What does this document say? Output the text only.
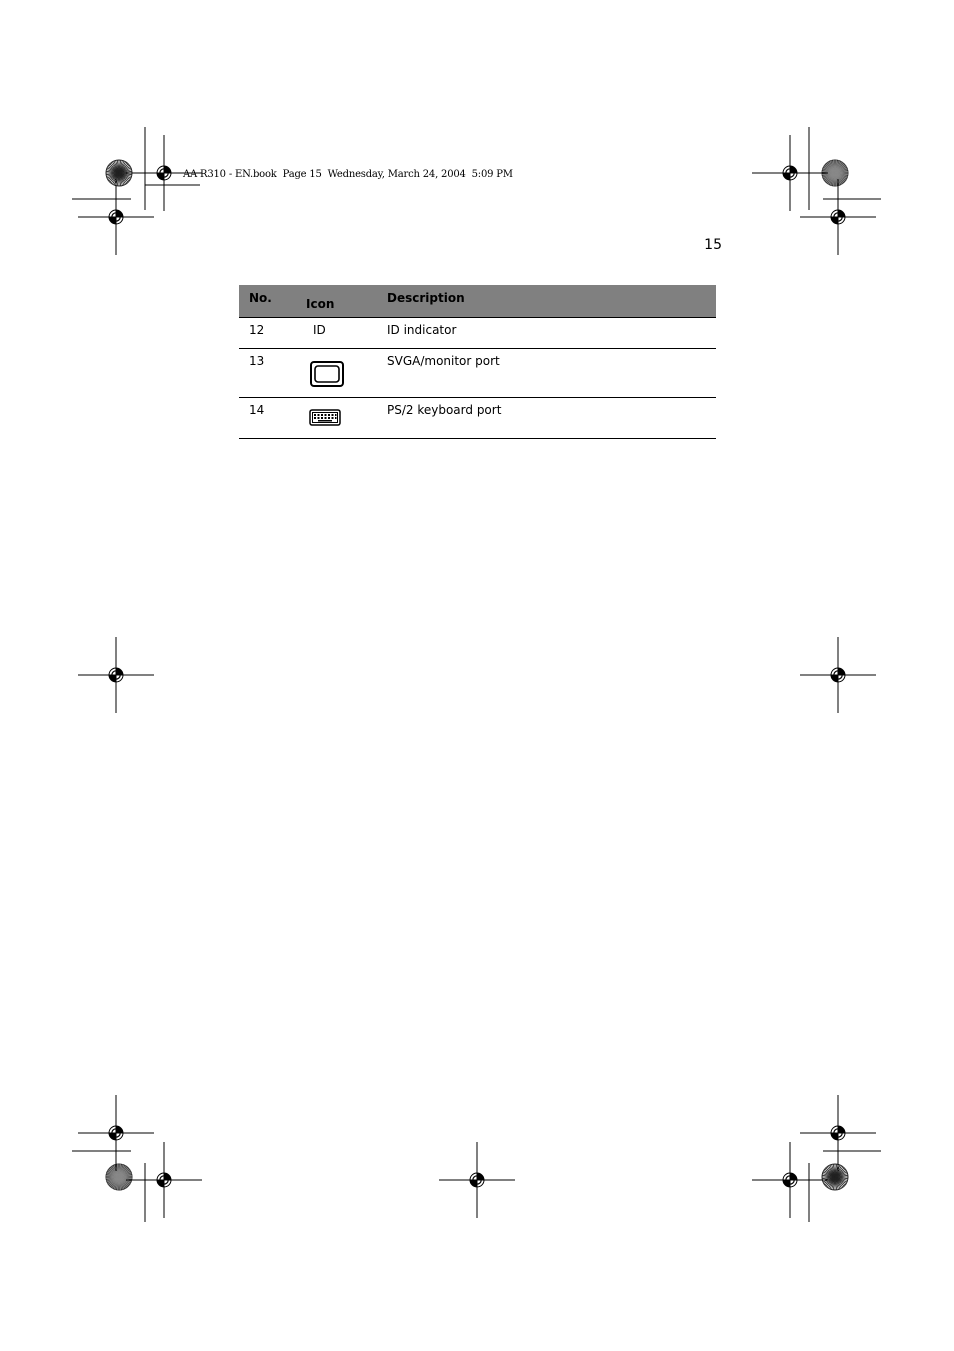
AA R310 - EN.book  Page 15  Wednesday, March 24, 2004  5:09 PM
15
No.	Icon	Description
12	ID	ID indicator
13	SVGA/monitor port
14	PS/2 keyboard port
